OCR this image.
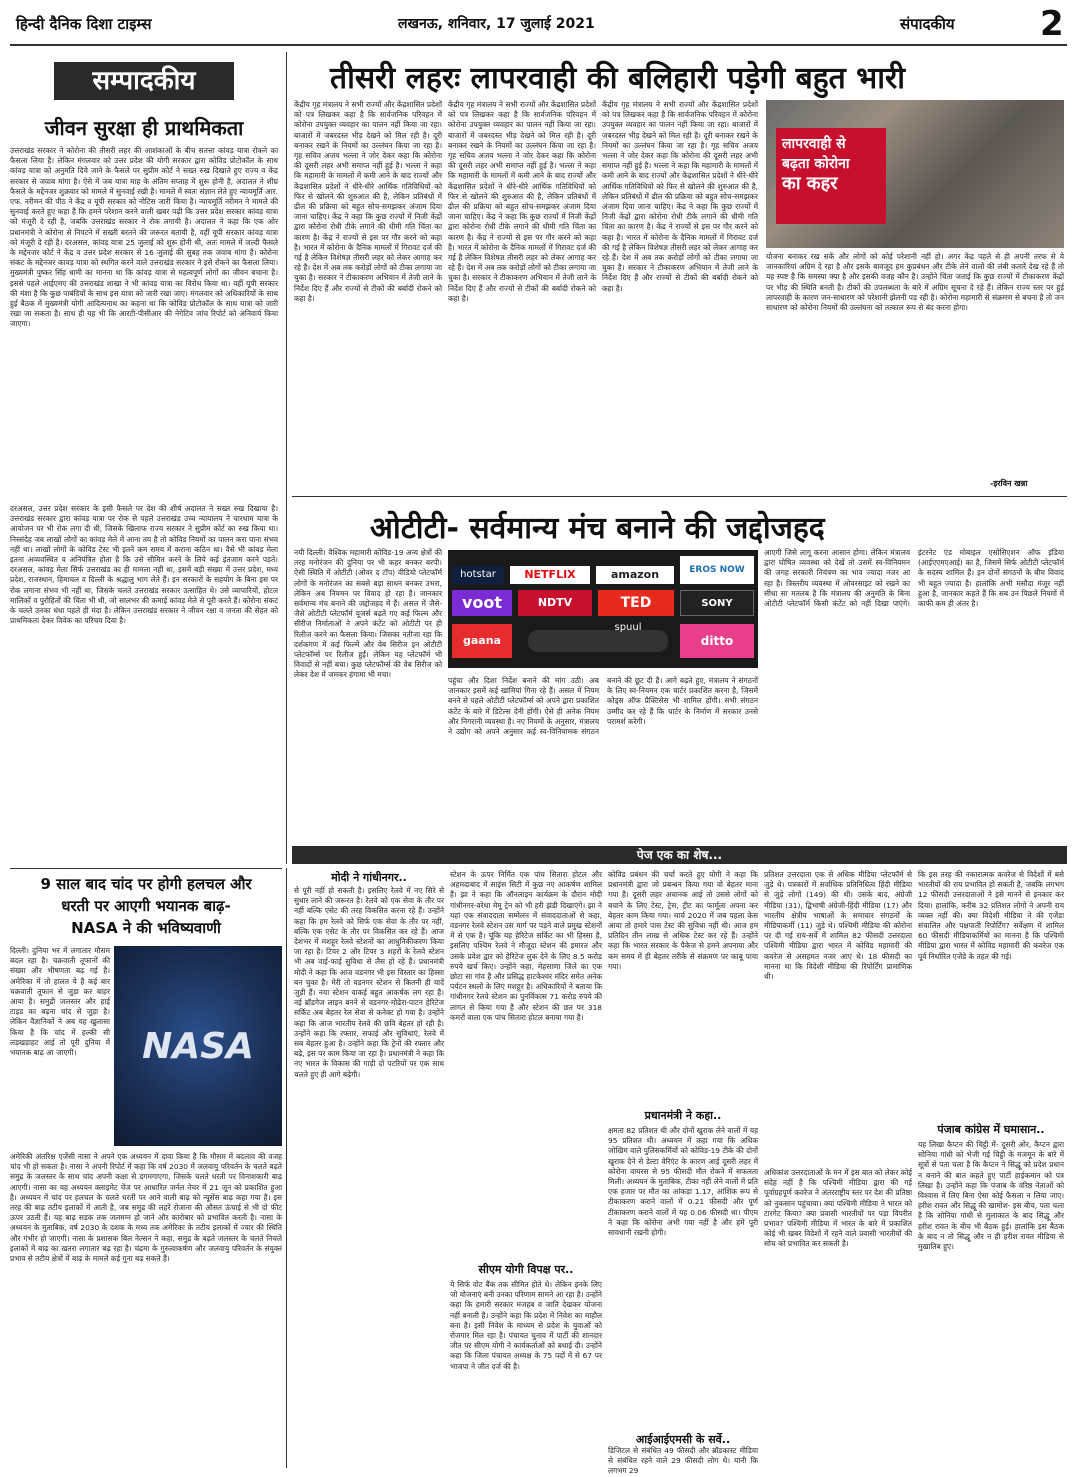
हिन्दी दैनिक दिशा टाइम्स	लखनऊ, शनिवार, 17 जुलाई 2021	संपादकीय	2
सम्पादकीय
जीवन सुरक्षा ही प्राथमिकता
उत्तराखंड सरकार ने कोरोना की तीसरी लहर की आशंकाओं के बीच सतत्ता कांवड़ यात्रा रोकने का फैसला लिया है। लेकिन मंगलवार को उत्तर प्रदेश की योगी सरकार द्वारा कोविड प्रोटोकॉल के साथ कांवड़ यात्रा को अनुमति दिये जाने के फैसले पर सुप्रीम कोर्ट ने सख्त रुख दिखाते हुए राज्य व केंद्र सरकार से जवाब मांगा है। ऐसे में जब यात्रा माह के अंतिम सप्ताह में शुरू होनी है, अदालत ने शीघ्र फैसले के मद्देनजर शुक्रवार को मामले में सुनवाई रखी है। मामले में स्वतः संज्ञान लेते हुए न्यायमूर्ति आर. एफ. नरीमन की पीठ ने केंद्र व यूपी सरकार को नोटिस जारी किया है। न्यायमूर्ति नरीमन ने मामले की सुनवाई करते हुए कहा है कि हमने परेशान करने वाली खबर पढ़ी कि उत्तर प्रदेश सरकार कांवड़ यात्रा को मंजूरी दे रही है, जबकि उत्तराखंड सरकार ने रोक लगायी है। अदालत ने कहा कि एक ओर प्रधानमंत्री ने कोरोना से निपटने में सख्ती बरतने की जरूरत बतायी है, वहीं यूपी सरकार कांवड़ यात्रा को मंजूरी दे रही है। दरअसल, कांवड़ यात्रा 25 जुलाई को शुरू होनी थी, अतः मामले में जल्दी फैसले के मद्देनजर कोर्ट ने केंद्र व उत्तर प्रदेश सरकार से 16 जुलाई की सुबह तक जवाब मांगा है। कोरोना संकट के मद्देनजर कावड़ यात्रा को स्थगित करने वाले उत्तराखंड सरकार ने इसे रोकने का फैसला लिया। मुख्यमंत्री पुष्कर सिंह धामी का मानना था कि कांवड़ यात्रा से महत्वपूर्ण लोगों का जीवन बचाना है। इससे पहले आईएमए की उत्तराखंड शाखा ने भी कांवड़ यात्रा का विरोध किया था। वहीं यूपी सरकार की मंशा है कि कुछ पाबंदियों के साथ इस यात्रा को जारी रखा जाए। मंगलवार को अधिकारियों के साथ हुई बैठक में मुख्यमंत्री योगी आदित्यनाथ का कहना था कि कोविड प्रोटोकॉल के साथ यात्रा को जारी रखा जा सकता है। साथ ही यह भी कि आरटी-पीसीआर की नेगेटिव जांच रिपोर्ट को अनिवार्य किया जाएगा।
दरअसल, उत्तर प्रदेश सरकार के इसी फैसले पर देश की शीर्ष अदालत ने सख्त रुख दिखाया है। उत्तराखंड सरकार द्वारा कांवड़ यात्रा पर रोक से पहले उत्तराखंड उच्च न्यायालय ने चारधाम यात्रा के आयोजन पर भी रोक लगा दी थी, जिसके खिलाफ राज्य सरकार ने सुप्रीम कोर्ट का रुख किया था। निस्संदेह जब लाखों लोगों का कांवड़ मेले में आना तय है तो कोविड नियमों का पालन करा पाना संभव नहीं था। लाखों लोगों के कोविड टेस्ट भी इतने कम समय में कराना कठिन था। वैसे भी कांवड़ मेला इतना अव्यवस्थित व अनियंत्रित होता है कि उसे सीमित करने के लिये कई इंतजाम करने पड़ते। दरअसल, कांवड़ मेला सिर्फ उत्तराखंड का ही मामला नहीं था, इसमें बड़ी संख्या में उत्तर प्रदेश, मध्य प्रदेश, राजस्थान, हिमाचल व दिल्ली के श्रद्धालु भाग लेते हैं। इन सरकारों के सहयोग के बिना इस पर रोक लगाना संभव भी नहीं था, जिसके चलते उत्तराखंड सरकार उत्साहित थे। उसे व्यापारियों, होटल मालिकों व पुरोहितों की चिंता भी थी, जो सालभर की कमाई कांवड़ मेले से पूरी करते हैं। कोरोना संकट के चलते उनका धंधा पहले ही मंदा है। लेकिन उत्तराखंड सरकार ने जीवन रक्षा व जनता की सेहत को प्राथमिकता देकर विवेक का परिचय दिया है।
तीसरी लहरः लापरवाही की बलिहारी पड़ेगी बहुत भारी
केंद्रीय गृह मंत्रालय ने सभी राज्यों और केंद्रशासित प्रदेशों को पत्र लिखकर कहा है कि सार्वजनिक परिवहन में कोरोना उपयुक्त व्यवहार का पालन नहीं किया जा रहा। बाजारों में जबरदस्त भीड़ देखने को मिल रही है। दूरी बनाकर रखने के नियमों का उल्लंघन किया जा रहा है। गृह सचिव अजय भल्ला ने जोर देकर कहा कि कोरोना की दूसरी लहर अभी समाप्त नहीं हुई है। भल्ला ने कहा कि महामारी के मामलों में कमी आने के बाद राज्यों और केंद्रशासित प्रदेशों ने धीरे-धीरे आर्थिक गतिविधियों को फिर से खोलने की शुरुआत की है, लेकिन प्रतिबंधों में ढील की प्रक्रिया को बहुत सोच-समझकर अंजाम दिया जाना चाहिए। केंद्र ने कहा कि कुछ राज्यों में निजी केंद्रों द्वारा कोरोना रोधी टीके लगाने की धीमी गति चिंता का कारण है। केंद्र ने राज्यों से इस पर गौर करने को कहा है। भारत में कोरोना के दैनिक मामलों में गिरावट दर्ज की गई है लेकिन विशेषज्ञ तीसरी लहर को लेकर आगाह कर रहे हैं। देश में अब तक करोड़ों लोगों को टीका लगाया जा चुका है। सरकार ने टीकाकरण अभियान में तेजी लाने के निर्देश दिए हैं और राज्यों से टीकों की बर्बादी रोकने को कहा है।
केंद्रीय गृह मंत्रालय ने सभी राज्यों और केंद्रशासित प्रदेशों को पत्र लिखकर कहा है कि सार्वजनिक परिवहन में कोरोना उपयुक्त व्यवहार का पालन नहीं किया जा रहा। बाजारों में जबरदस्त भीड़ देखने को मिल रही है। दूरी बनाकर रखने के नियमों का उल्लंघन किया जा रहा है। गृह सचिव अजय भल्ला ने जोर देकर कहा कि कोरोना की दूसरी लहर अभी समाप्त नहीं हुई है। भल्ला ने कहा कि महामारी के मामलों में कमी आने के बाद राज्यों और केंद्रशासित प्रदेशों ने धीरे-धीरे आर्थिक गतिविधियों को फिर से खोलने की शुरुआत की है, लेकिन प्रतिबंधों में ढील की प्रक्रिया को बहुत सोच-समझकर अंजाम दिया जाना चाहिए। केंद्र ने कहा कि कुछ राज्यों में निजी केंद्रों द्वारा कोरोना रोधी टीके लगाने की धीमी गति चिंता का कारण है। केंद्र ने राज्यों से इस पर गौर करने को कहा है। भारत में कोरोना के दैनिक मामलों में गिरावट दर्ज की गई है लेकिन विशेषज्ञ तीसरी लहर को लेकर आगाह कर रहे हैं। देश में अब तक करोड़ों लोगों को टीका लगाया जा चुका है। सरकार ने टीकाकरण अभियान में तेजी लाने के निर्देश दिए हैं और राज्यों से टीकों की बर्बादी रोकने को कहा है।
केंद्रीय गृह मंत्रालय ने सभी राज्यों और केंद्रशासित प्रदेशों को पत्र लिखकर कहा है कि सार्वजनिक परिवहन में कोरोना उपयुक्त व्यवहार का पालन नहीं किया जा रहा। बाजारों में जबरदस्त भीड़ देखने को मिल रही है। दूरी बनाकर रखने के नियमों का उल्लंघन किया जा रहा है। गृह सचिव अजय भल्ला ने जोर देकर कहा कि कोरोना की दूसरी लहर अभी समाप्त नहीं हुई है। भल्ला ने कहा कि महामारी के मामलों में कमी आने के बाद राज्यों और केंद्रशासित प्रदेशों ने धीरे-धीरे आर्थिक गतिविधियों को फिर से खोलने की शुरुआत की है, लेकिन प्रतिबंधों में ढील की प्रक्रिया को बहुत सोच-समझकर अंजाम दिया जाना चाहिए। केंद्र ने कहा कि कुछ राज्यों में निजी केंद्रों द्वारा कोरोना रोधी टीके लगाने की धीमी गति चिंता का कारण है। केंद्र ने राज्यों से इस पर गौर करने को कहा है। भारत में कोरोना के दैनिक मामलों में गिरावट दर्ज की गई है लेकिन विशेषज्ञ तीसरी लहर को लेकर आगाह कर रहे हैं। देश में अब तक करोड़ों लोगों को टीका लगाया जा चुका है। सरकार ने टीकाकरण अभियान में तेजी लाने के निर्देश दिए हैं और राज्यों से टीकों की बर्बादी रोकने को कहा है।
लापरवाही से
बढ़ता कोरोना
का कहर
योजना बनाकर रख सकें और लोगों को कोई परेशानी नहीं हो। अगर केंद्र पहले से ही अपनी तरफ से ये जानकारियां अग्रिम दे रहा है और इसके बावजूद हम कुप्रबंधन और टीके लेने वालों की लंबी कतारें देख रहे हैं तो यह स्पष्ट है कि समस्या क्या है और इसकी वजह कौन है। उन्होंने चिंता जताई कि कुछ राज्यों में टीकाकरण केंद्रों पर भीड़ की स्थिति बनती है। टीकों की उपलब्धता के बारे में अग्रिम सूचना दे रहे हैं। लेकिन राज्य स्तर पर हुई लापरवाही के कारण जन-साधारण को परेशानी झेलनी पड़ रही है। कोरोना महामारी से संक्रमण से बचना है तो जन साधारण को कोरोना नियमों की उल्लंघना को तत्काल रूप से बंद करना होगा।
-इरविन खन्ना
ओटीटी- सर्वमान्य मंच बनाने की जद्दोजहद
नयी दिल्ली। वैश्विक महामारी कोविड-19 अन्य क्षेत्रों की तरह मनोरंजन की दुनिया पर भी कहर बनकर बरपी। ऐसी स्थिति में ओटीटी (ओवर द टॉप) वीडियो प्लेटफॉर्म लोगों के मनोरंजन का सबसे बड़ा साधन बनकर उभरा, लेकिन अब नियमन पर विवाद हो रहा है। जानकार सर्वमान्य मंच बनाने की जद्दोजहद में हैं। असल में जैसे-जैसे ओटीटी प्लेटफॉर्म यूजर्स बढ़ते गए कई फिल्म और सीरीज निर्माताओं ने अपने कंटेंट को ओटीटी पर ही रिलीज करने का फैसला किया। जिसका नतीजा रहा कि दर्शकगण में कई फिल्में और वेब सिरीज इन ओटीटी प्लेटफॉर्म्स पर रिलीज हुईं। लेकिन यह प्लेटफॉर्म भी विवादों से नहीं बचा। कुछ प्लेटफॉर्म्स की वेब सिरीज को लेकर देश में जमकर हंगामा भी मचा।
hotstar	NETFLIX	amazon	EROS NOW
voot	NDTV	TED	SONY
gaana
spuul
ditto
पहुंचा और दिशा निर्देश बनाने की मांग उठी। अब जानकार इसमें कई खामियां गिना रहे हैं। असल में नियम बनने से पहले ओटीटी प्लेटफॉर्म्स को अपने द्वारा प्रकाशित कंटेंट के बारे में डिटेल्स देनी होंगी। ऐसे ही अनेक नियम और निगरानी व्यवस्था है। नए नियमों के अनुसार, मंत्रालय ने उद्योग को अपने अनुसार कई स्व-विनियामक संगठन बनाने की छूट दी है। आगे बढ़ते हुए, मंत्रालय ने संगठनों के लिए स्व-नियमन एक चार्टर प्रकाशित करना है, जिसमें कोड्स ऑफ प्रैक्टिसेस भी शामिल होंगी। सभी संगठन उम्मीद कर रहे हैं कि चार्टर के निर्माण में सरकार उनसे परामर्श करेगी।
आएगी जिसे लागू करना आसान होगा। लेकिन मंत्रालय द्वारा घोषित व्यवस्था को देखें तो उसमें स्व-विनियमन की जगह सरकारी नियंत्रण का भाव ज्यादा नजर आ रहा है। त्रिस्तरीय व्यवस्था में ओवरसाइट को रखने का सीधा सा मतलब है कि मंत्रालय की अनुमति के बिना ओटीटी प्लेटफॉर्म किसी कंटेंट को नहीं दिखा पाएंगे। इंटरनेट एंड मोबाइल एसोसिएशन ऑफ इंडिया (आईएएमएआई) का है, जिसमें सिर्फ ओटीटी प्लेटफॉर्म के सदस्य शामिल हैं। इन दोनों संगठनों के बीच विवाद भी बहुत ज्यादा है। हालांकि अभी मसौदा मंजूर नहीं हुआ है, जानकार कहते हैं कि सब उन पिछले नियमों में काफी कम ही अंतर है।
पेज एक का शेष...
9 साल बाद चांद पर होगी हलचल और
धरती पर आएगी भयानक बाढ़-
NASA ने की भविष्यवाणी
दिल्ली। दुनिया भर में लगातार मौसम बदल रहा है। चक्रवाती तूफानों की संख्या और भीषणता बढ़ गई है। अमेरिका में तो हालत ये है कई बार चक्रवाती तूफान से जुड़ा कर बाहर आया है। समुद्री जलस्तर और हाई टाइड का बढ़ना चांद से जुड़ा है। लेकिन वैज्ञानिकों ने अब यह खुलासा किया है कि चांद में हल्की सी लड़खड़ाहट आई तो पूरी दुनिया में भयानक बाढ़ आ जाएगी।	NASA
अमेरिकी अंतरिक्ष एजेंसी नासा ने अपने एक अध्ययन में दावा किया है कि मौसम में बदलाव की वजह चांद भी हो सकता है। नासा ने अपनी रिपोर्ट में कहा कि वर्ष 2030 में जलवायु परिवर्तन के चलते बढ़ते समुद्र के जलस्तर के साथ चांद अपनी कक्षा से डगमगाएगा, जिसके चलते धरती पर विनाशकारी बाढ़ आएगी। नासा का यह अध्ययन क्लाइमेट चेंज पर आधारित जर्नल नेचर में 21 जून को प्रकाशित हुआ है। अध्ययन में चांद पर हलचल के चलते धरती पर आने वाली बाढ़ को न्यूसेंस बाढ़ कहा गया है। इस तरह की बाढ़ तटीय इलाकों में आती है, जब समुद्र की लहरें रोजाना की औसत ऊंचाई से भी दो फीट ऊपर उठती हैं। यह बाढ़ सड़क तक जलमग्न हो जाने और कारोबार को प्रभावित करती है। नासा के अध्ययन के मुताबिक, वर्ष 2030 के दशक के मध्य तक अमेरिका के तटीय इलाकों में ज्वार की स्थिति और गंभीर हो जाएगी। नासा के प्रशासक बिल नेल्सन ने कहा, समुद्र के बढ़ते जलस्तर के चलते निचले इलाकों में बाढ़ का खतरा लगातार बढ़ रहा है। चंद्रमा के गुरुत्वाकर्षण और जलवायु परिवर्तन के संयुक्त प्रभाव से तटीय क्षेत्रों में बाढ़ के मामले कई गुना बढ़ सकते हैं।
मोदी ने गांधीनगर..
से पूरी नहीं हो सकती है। इसलिए रेलवे में नए सिरे से सुधार लाने की जरूरत है। रेलवे को एक सेवा के तौर पर नहीं बल्कि एसेट की तरह विकसित करना रहे हैं। उन्होंने कहा कि हम रेलवे को सिर्फ एक सेवा के तौर पर नहीं, बल्कि एक एसेट के तौर पर विकसित कर रहे हैं। आज देशभर में मशहूर रेलवे स्टेशनों का आधुनिकीकरण किया जा रहा है। टियर 2 और टियर 3 शहरों के रेलवे स्टेशन भी अब वाई-फाई सुविधा से लैस हो रहे हैं। प्रधानमंत्री मोदी ने कहा कि आज वडनगर भी इस विस्तार का हिस्सा बन चुका है। मेरी तो वडनगर स्टेशन से कितनी ही यादें जुड़ी हैं। नया स्टेशन वाकई बहुत आकर्षक लग रहा है। नई ब्रॉडगेज लाइन बनने से वडनगर-मोढेरा-पाटन हेरिटेज सर्किट अब बेहतर रेल सेवा से कनेक्ट हो गया है। उन्होंने कहा कि आज भारतीय रेलवे की छवि बेहतर हो रही है। उन्होंने कहा कि रफ्तार, सफाई और सुविधाएं, रेलवे में सब बेहतर हुआ है। उन्होंने कहा कि ट्रेनों की रफ्तार और बढ़े, इस पर काम किया जा रहा है। प्रधानमंत्री ने कहा कि नए भारत के विकास की गाड़ी दो पटरियों पर एक साथ चलते हुए ही आगे बढ़ेगी।
स्टेशन के ऊपर निर्मित एक पांच सितारा होटल और अहमदाबाद में साइंस सिटी में कुछ नए आकर्षण शामिल हैं। झा ने कहा कि ऑनलाइन कार्यक्रम के दौरान मोदी गांधीनगर-वरेथा मेमू ट्रेन को भी हरी झंडी दिखाएंगे। झा ने यहां एक संवाददाता सम्मेलन में संवाददाताओं से कहा, वडनगर रेलवे स्टेशन उस मार्ग पर पड़ने वाले प्रमुख स्टेशनों में से एक है। चूंकि यह हेरिटेज सर्किट का भी हिस्सा है, इसलिए पश्चिम रेलवे ने मौजूदा स्टेशन की इमारत और उसके प्रवेश द्वार को हेरिटेज लुक देने के लिए 8.5 करोड़ रुपये खर्च किए। उन्होंने कहा, मेहसाणा जिले का एक छोटा सा गांव है और प्रसिद्ध हाटकेश्वर मंदिर समेत अनेक पर्यटन स्थलों के लिए मशहूर है। अधिकारियों ने बताया कि गांधीनगर रेलवे स्टेशन का पुनर्विकास 71 करोड़ रुपये की लागत से किया गया है और स्टेशन की छत पर 318 कमरों वाला एक पांच सितारा होटल बनाया गया है।
सीएम योगी विपक्ष पर..
ये सिर्फ वोट बैंक तक सीमित होते थे। लेकिन इनके लिए जो योजनाएं बनी उनका परिणाम सामने आ रहा है। उन्होंने कहा कि हमारी सरकार मजहब व जाति देखकर योजना नहीं बनाती है। उन्होंने कहा कि प्रदेश में निवेश का माहौल बना है। इसी निवेश के माध्यम से प्रदेश के युवाओं को रोजगार मिल रहा है। पंचायत चुनाव में पार्टी की शानदार जीत पर सीएम योगी ने कार्यकर्ताओं को बधाई दी। उन्होंने कहा कि जिला पंचायत अध्यक्ष के 75 पदों में से 67 पर भाजपा ने जीत दर्ज की है।
कोविड प्रबंधन की चर्चा करते हुए योगी ने कहा कि प्रधानमंत्री द्वारा जो प्रबन्धन किया गया वो बेहतर माना गया है। दूसरी लहर अचानक आई तो उससे लोगों को बचाने के लिए टेस्ट, ट्रेस, ट्रीट का फार्मूला अपना कर बेहतर काम किया गया। मार्च 2020 में जब पहला केस आया तो हमारे पास टेस्ट की सुविधा नहीं थी। आज हम प्रतिदिन तीन लाख से अधिक टेस्ट कर रहे हैं। उन्होंने कहा कि भारत सरकार के पैकेज से हमने अपनाया और कम समय में ही बेहतर तरीके से संक्रमण पर काबू पाया गया।
प्रधानमंत्री ने कहा..
क्षमता 82 प्रतिशत थी और दोनों खुराक लेने वालों में यह 95 प्रतिशत थी। अध्ययन में कहा गया कि अधिक जोखिम वाले पुलिसकर्मियों को कोविड-19 टीके की दोनों खुराक देने से डेल्टा वेरिएंट के कारण आई दूसरी लहर में कोरोना वायरस से 95 फीसदी मौत रोकने में सफलता मिली। अध्ययन के मुताबिक, टीका नहीं लेने वालों में प्रति एक हजार पर मौत का आंकड़ा 1.17, आंशिक रूप से टीकाकरण कराने वालों में 0.21 फीसदी और पूर्ण टीकाकरण कराने वालों में यह 0.06 फीसदी था। पीएम ने कहा कि कोरोना अभी गया नहीं है और हमें पूरी सावधानी रखनी होगी।
आईआईएमसी के सर्वे..
डिजिटल से संबंधित 49 फीसदी और ब्रॉडकास्ट मीडिया से संबंधित रहने वाले 29 फीसदी लोग थे। यानी कि लगभग 29
प्रतिशत उत्तरदाता एक से अधिक मीडिया प्लेटफॉर्म से जुड़े थे। पत्रकारों में सर्वाधिक प्रतिनिधित्व हिंदी मीडिया से जुड़े लोगों (149) की थी। उसके बाद, अंग्रेजी मीडिया (31), द्विभाषी अंग्रेजी-हिंदी मीडिया (17) और भारतीय क्षेत्रीय भाषाओं के समाचार संगठनों के मीडियाकर्मी (11) जुड़े थे। पश्चिमी मीडिया की कोरोना पर दी गई राय-सर्वे में शामिल 82 फीसदी उत्तरदाता पश्चिमी मीडिया द्वारा भारत में कोविड महामारी की कवरेज से असहमत नजर आए थे। 18 फीसदी का मानना था कि विदेशी मीडिया की रिपोर्टिंग प्रामाणिक थी।
अधिकांश उत्तरदाताओं के मन में इस बात को लेकर कोई संदेह नहीं है कि पश्चिमी मीडिया द्वारा की गई पूर्वाग्रहपूर्ण कवरेज ने अंतरराष्ट्रीय स्तर पर देश की प्रतिष्ठा को नुकसान पहुंचाया। क्या पश्चिमी मीडिया ने भारत को टारगेट किया? क्या प्रवासी भारतीयों पर पड़ा विपरीत प्रभाव? पश्चिमी मीडिया में भारत के बारे में प्रकाशित कोई भी खबर विदेशों में रहने वाले प्रवासी भारतीयों की सोच को प्रभावित कर सकती है।
कि इस तरह की नकारात्मक कवरेज से विदेशों में बसे भारतीयों की राय प्रभावित हो सकती है, जबकि लगभग 12 फीसदी उत्तरदाताओं ने इसे मानने से इनकार कर दिया। हालांकि, करीब 32 प्रतिशत लोगों ने अपनी राय व्यक्त नहीं की। क्या विदेशी मीडिया ने की एजेंडा संचालित और पक्षपाती रिपोर्टिंग? सर्वेक्षण में शामिल 60 फीसदी मीडियाकर्मियों का मानना है कि पश्चिमी मीडिया द्वारा भारत में कोविड महामारी की कवरेज एक पूर्व निर्धारित एजेंडे के तहत की गई।
पंजाब कांग्रेस में घमासान..
यह लिखा कैप्टन की चिट्ठी में- दूसरी ओर, कैप्टन द्वारा सोनिया गांधी को भेजी गई चिट्ठी के मजमून के बारे में सूत्रों से पता चला है कि कैप्टन ने सिद्धू को प्रदेश प्रधान न बनाने की बात कहते हुए पार्टी हाईकमान को पत्र लिखा है। उन्होंने कहा कि पंजाब के वरिष्ठ नेताओं को विश्वास में लिए बिना ऐसा कोई फैसला न लिया जाए। हरीश रावत और सिद्धू की खामोश- इस बीच, पता चला है कि सोनिया गांधी से मुलाकात के बाद सिद्धू और हरीश रावत के बीच भी बैठक हुई। हालांकि इस बैठक के बाद न तो सिद्धू और न ही हरीश रावत मीडिया से मुखातिब हुए।
